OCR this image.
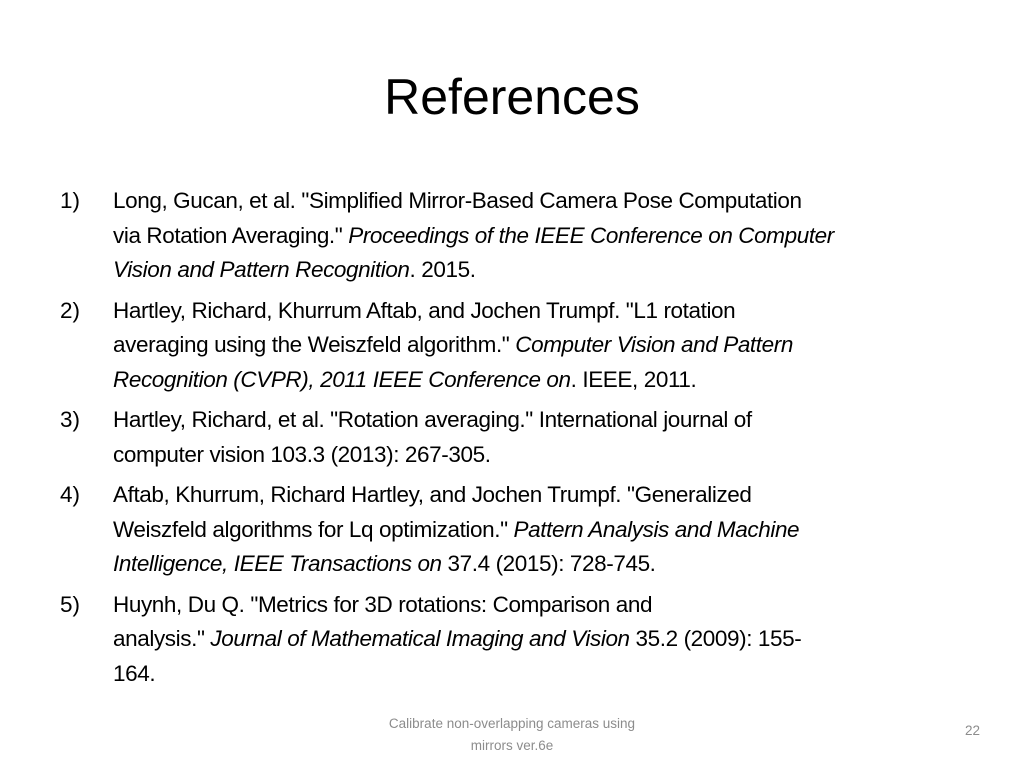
References
1) Long, Gucan, et al. "Simplified Mirror-Based Camera Pose Computation
via Rotation Averaging." Proceedings of the IEEE Conference on Computer
Vision and Pattern Recognition. 2015.
2) Hartley, Richard, Khurrum Aftab, and Jochen Trumpf. "L1 rotation
averaging using the Weiszfeld algorithm." Computer Vision and Pattern
Recognition (CVPR), 2011 IEEE Conference on. IEEE, 2011.
3) Hartley, Richard, et al. "Rotation averaging." International journal of
computer vision 103.3 (2013): 267-305.
4) Aftab, Khurrum, Richard Hartley, and Jochen Trumpf. "Generalized
Weiszfeld algorithms for Lq optimization." Pattern Analysis and Machine
Intelligence, IEEE Transactions on 37.4 (2015): 728-745.
5) Huynh, Du Q. "Metrics for 3D rotations: Comparison and
analysis." Journal of Mathematical Imaging and Vision 35.2 (2009): 155-
164.
Calibrate non-overlapping cameras using
mirrors ver.6e
22
